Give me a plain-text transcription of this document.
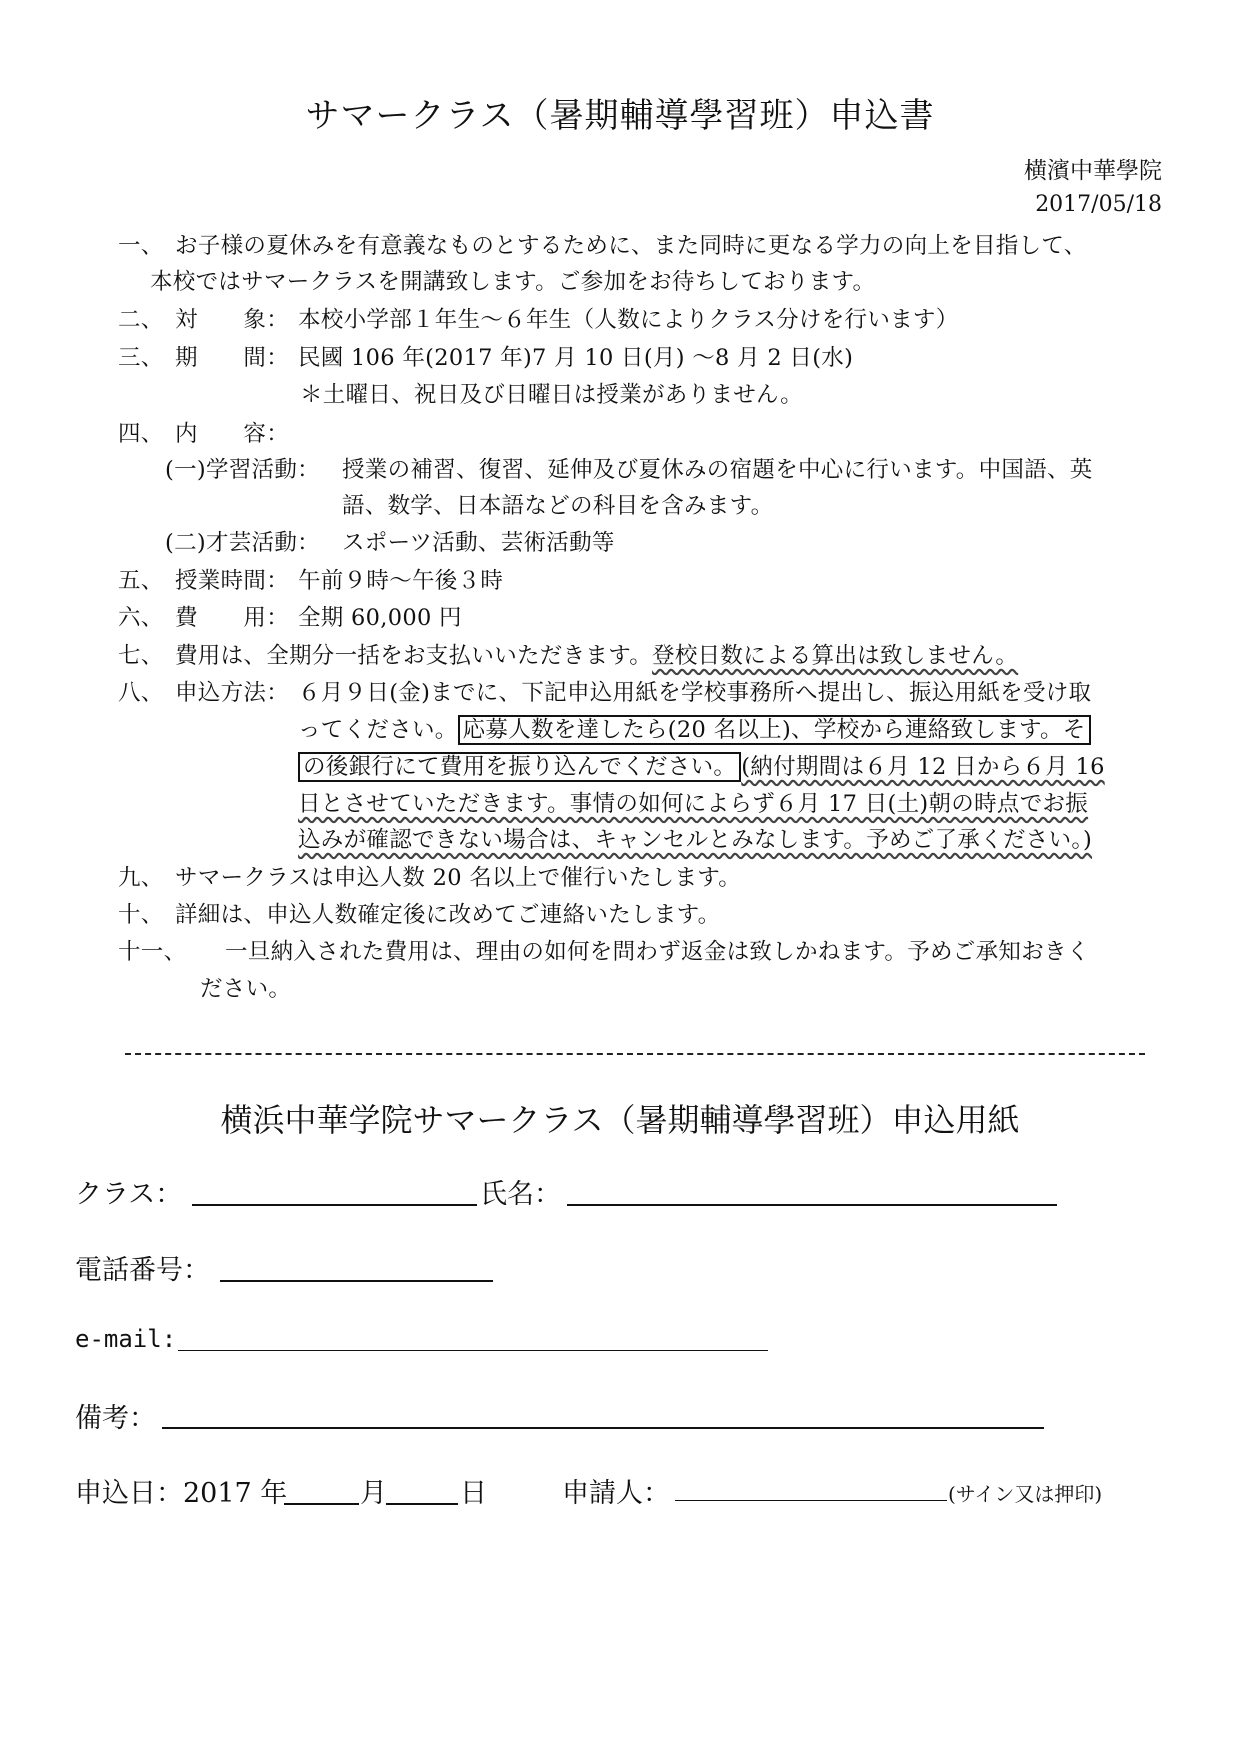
サマークラス（暑期輔導學習班）申込書
横濱中華學院
2017/05/18
一、 お子様の夏休みを有意義なものとするために、また同時に更なる学力の向上を目指して、
本校ではサマークラスを開講致します。ご参加をお待ちしております。
二、 対　　象： 本校小学部１年生～６年生（人数によりクラス分けを行います）
三、 期　　間： 民國 106 年(2017 年)7 月 10 日(月) ～8 月 2 日(水)
＊土曜日、祝日及び日曜日は授業がありません。
四、 内　　容：
(一)学習活動： 授業の補習、復習、延伸及び夏休みの宿題を中心に行います。中国語、英
語、数学、日本語などの科目を含みます。
(二)才芸活動： スポーツ活動、芸術活動等
五、 授業時間： 午前９時～午後３時
六、 費　　用： 全期 60,000 円
七、 費用は、全期分一括をお支払いいただきます。登校日数による算出は致しません。
八、 申込方法： ６月９日(金)までに、下記申込用紙を学校事務所へ提出し、振込用紙を受け取
ってください。 応募人数を達したら(20 名以上)、学校から連絡致します。そ
の後銀行にて費用を振り込んでください。 (納付期間は６月 12 日から６月 16
日とさせていただきます。事情の如何によらず６月 17 日(土)朝の時点でお振
込みが確認できない場合は、キャンセルとみなします。予めご了承ください。)
九、 サマークラスは申込人数 20 名以上で催行いたします。
十、 詳細は、申込人数確定後に改めてご連絡いたします。
十一、 一旦納入された費用は、理由の如何を問わず返金は致しかねます。予めご承知おきく
ださい。
横浜中華学院サマークラス（暑期輔導學習班）申込用紙
クラス：	氏名：
電話番号：
e-mail:
備考：
申込日：2017 年	月	日	申請人：	(サイン又は押印)
